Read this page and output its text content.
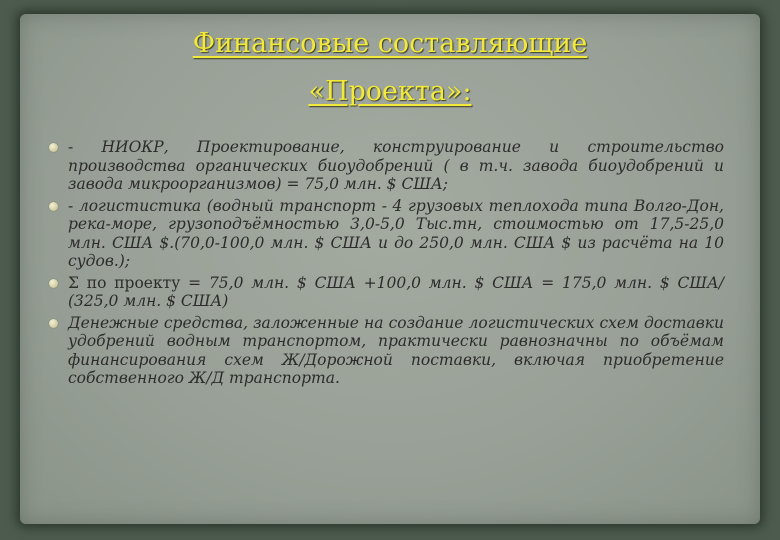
Финансовые составляющие
«Проекта»:
- НИОКР, Проектирование, конструирование и строительство производства органических биоудобрений ( в т.ч. завода биоудобрений и завода микроорганизмов) = 75,0 млн. $ США;
- логистистика (водный транспорт - 4 грузовых теплохода типа Волго-Дон, река-море, грузоподъёмностью 3,0-5,0 Тыс.тн, стоимостью от 17,5-25,0 млн. США $.(70,0-100,0 млн. $ США и до 250,0 млн. США $ из расчёта на 10 судов.);
Σ по проекту = 75,0 млн. $ США +100,0 млн. $ США = 175,0 млн. $ США/ (325,0 млн. $ США)
Денежные средства, заложенные на создание логистических схем доставки удобрений водным транспортом, практически равнозначны по объёмам финансирования схем Ж/Дорожной поставки, включая приобретение собственного Ж/Д транспорта.
